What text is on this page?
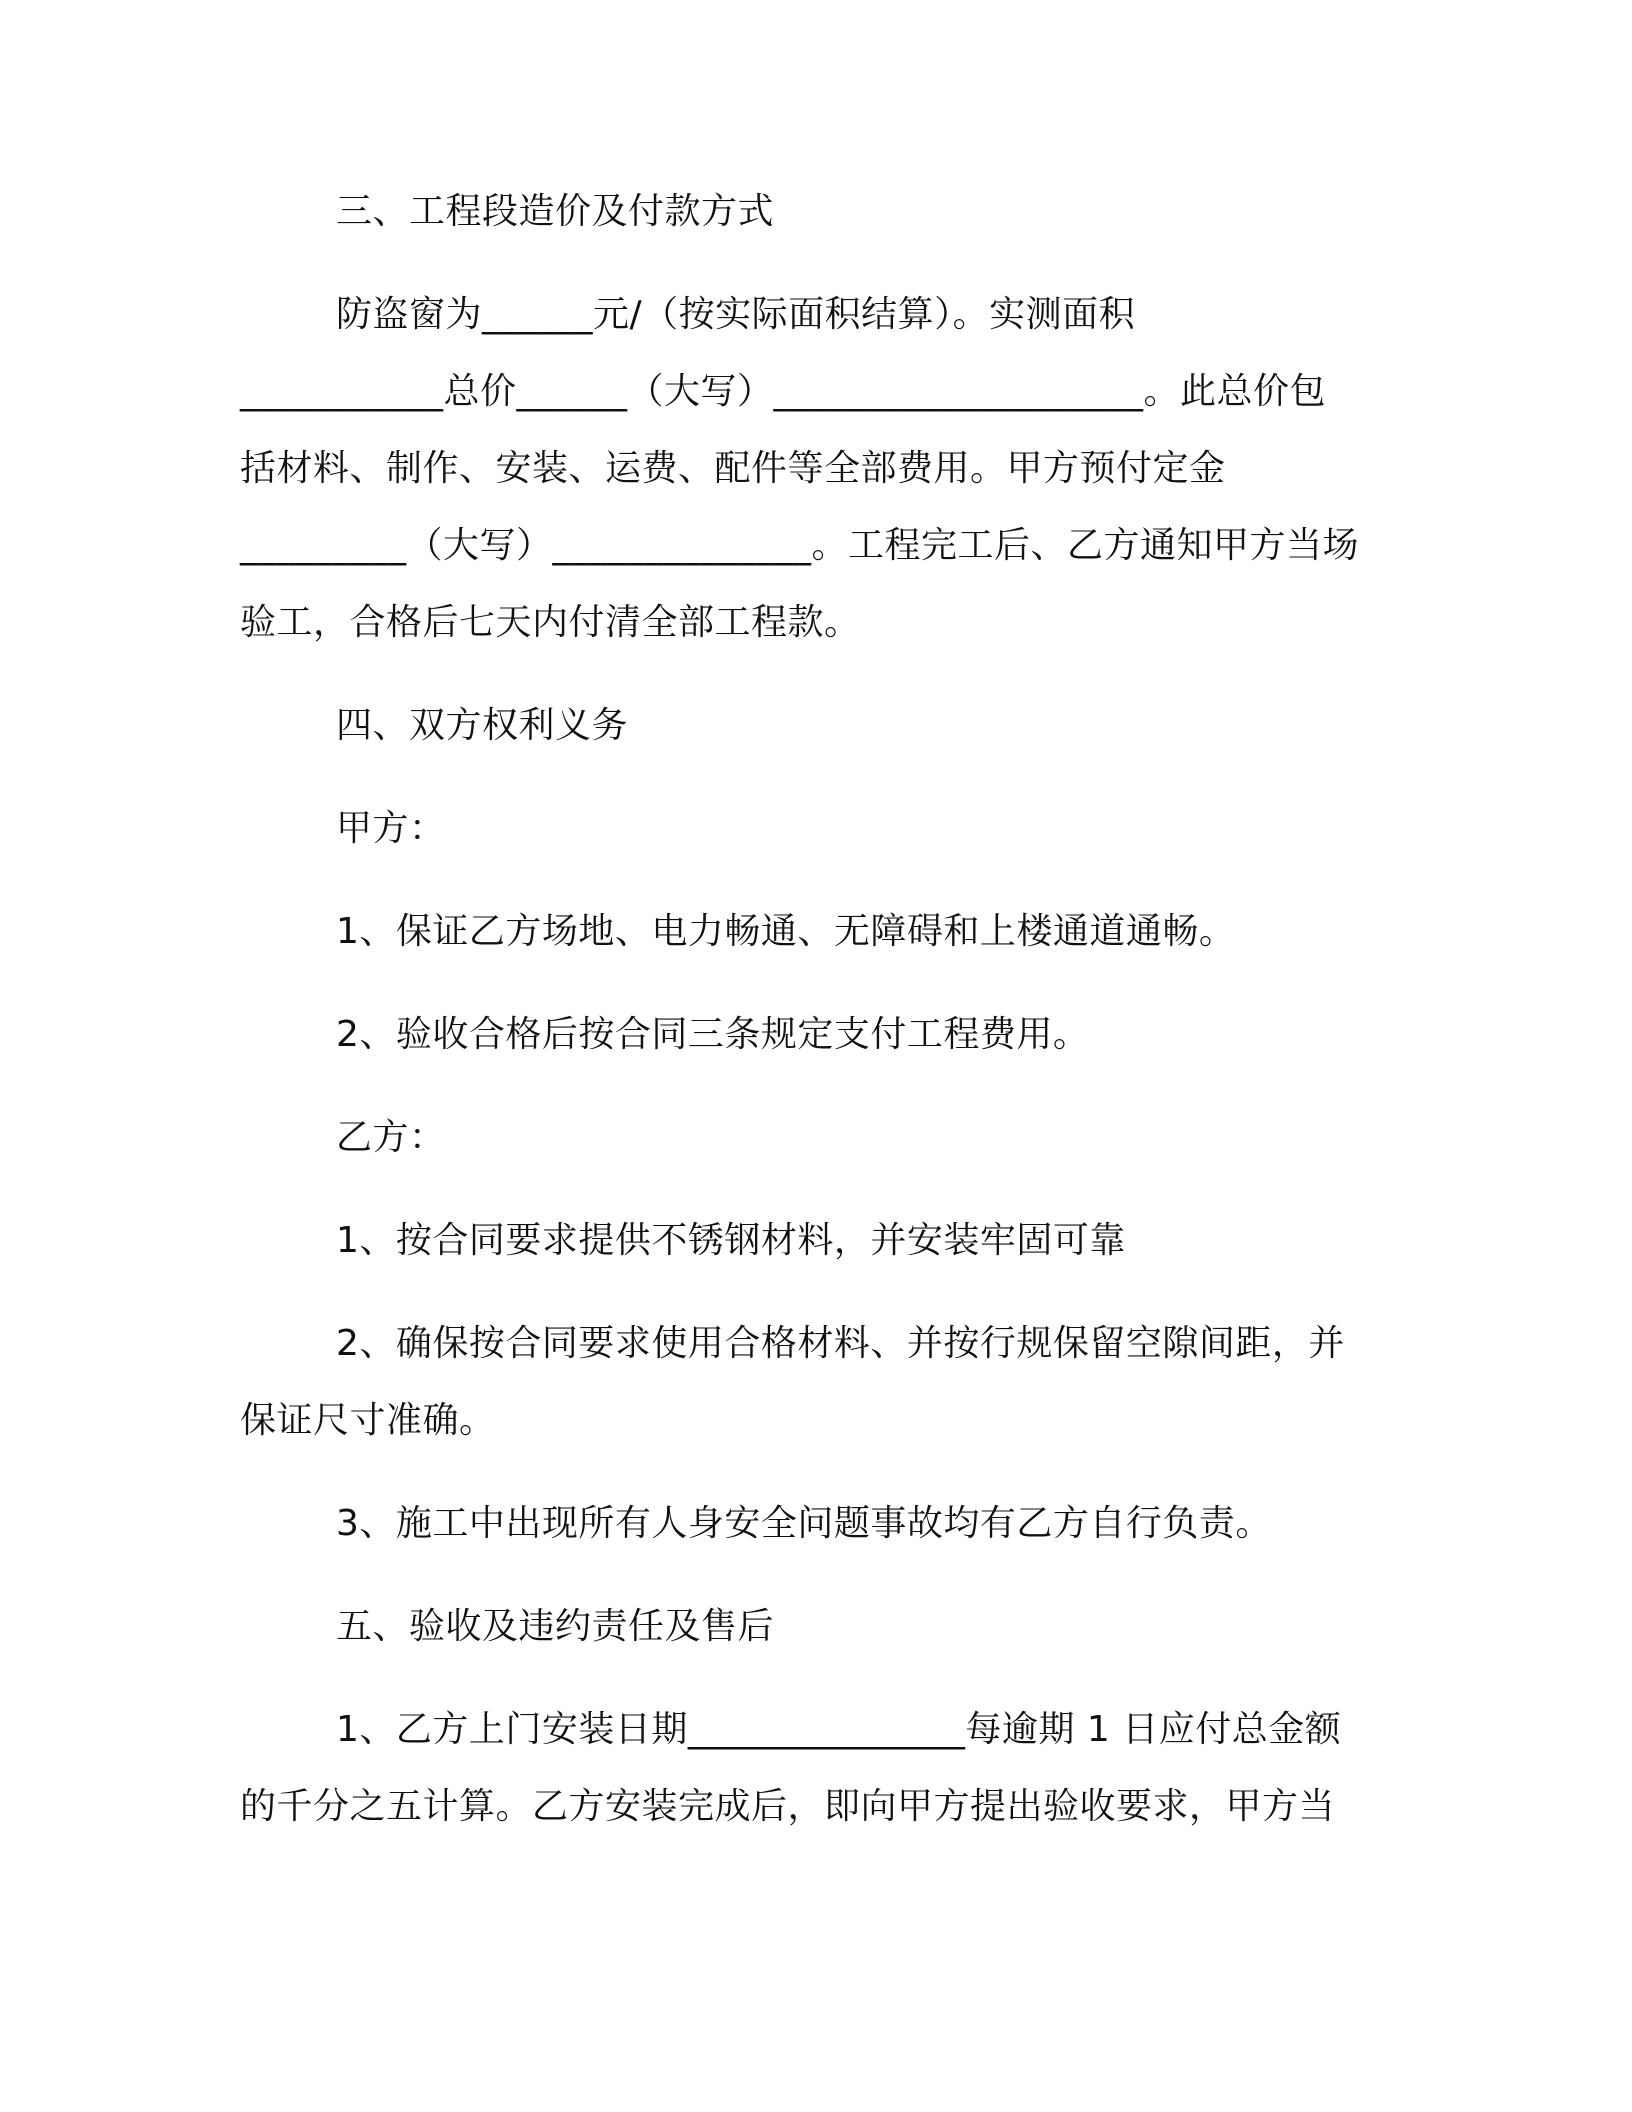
三、工程段造价及付款方式

防盗窗为______元/（按实际面积结算）。实测面积

___________总价______（大写）____________________。此总价包

括材料、制作、安装、运费、配件等全部费用。甲方预付定金

_________（大写）______________。工程完工后、乙方通知甲方当场

验工，合格后七天内付清全部工程款。

四、双方权利义务

甲方：

1、保证乙方场地、电力畅通、无障碍和上楼通道通畅。

2、验收合格后按合同三条规定支付工程费用。

乙方：

1、按合同要求提供不锈钢材料，并安装牢固可靠

2、确保按合同要求使用合格材料、并按行规保留空隙间距，并

保证尺寸准确。

3、施工中出现所有人身安全问题事故均有乙方自行负责。

五、验收及违约责任及售后

1、乙方上门安装日期_______________每逾期 1 日应付总金额

的千分之五计算。乙方安装完成后，即向甲方提出验收要求，甲方当
